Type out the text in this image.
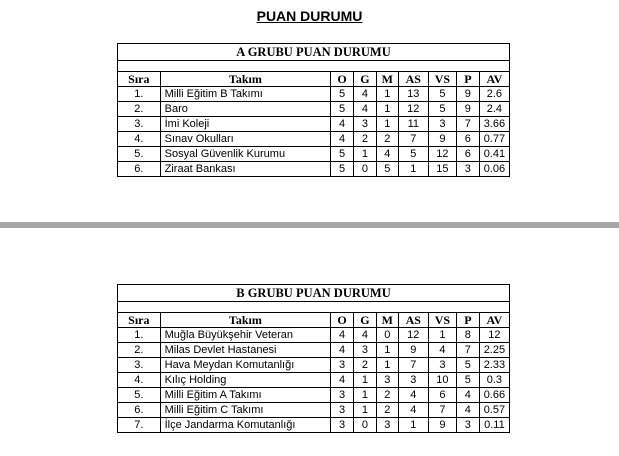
PUAN DURUMU
A GRUBU PUAN DURUMU								

Sıra	Takım	O	G	M	AS	VS	P	AV
1.	Milli Eğitim B Takımı	5	4	1	13	5	9	2.6
2.	Baro	5	4	1	12	5	9	2.4
3.	İmi Koleji	4	3	1	11	3	7	3.66
4.	Sınav Okulları	4	2	2	7	9	6	0.77
5.	Sosyal Güvenlik Kurumu	5	1	4	5	12	6	0.41
6.	Ziraat Bankası	5	0	5	1	15	3	0.06
B GRUBU PUAN DURUMU								

Sıra	Takım	O	G	M	AS	VS	P	AV
1.	Muğla Büyükşehir Veteran	4	4	0	12	1	8	12
2.	Milas Devlet Hastanesi	4	3	1	9	4	7	2.25
3.	Hava Meydan Komutanlığı	3	2	1	7	3	5	2.33
4.	Kılıç Holding	4	1	3	3	10	5	0.3
5.	Milli Eğitim A Takımı	3	1	2	4	6	4	0.66
6.	Milli Eğitim C Takımı	3	1	2	4	7	4	0.57
7.	İlçe Jandarma Komutanlığı	3	0	3	1	9	3	0.11
